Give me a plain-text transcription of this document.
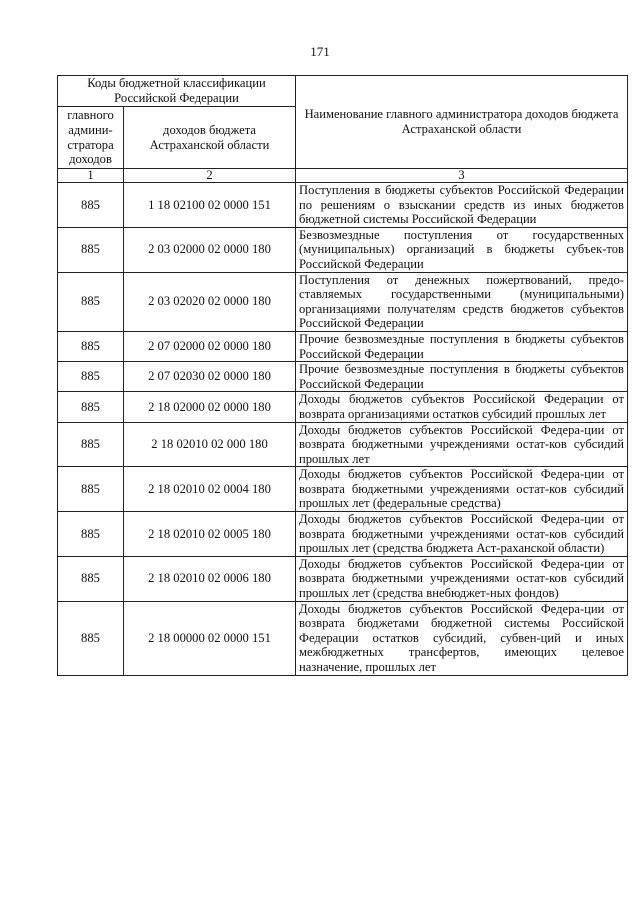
171
Коды бюджетной классификации Российской Федерации		Наименование главного администратора доходов бюджета Астраханской области
главного админи-стратора доходов	доходов бюджета Астраханской области	
1	2	3
885	1 18 02100 02 0000 151	Поступления в бюджеты субъектов Российской Федерации по решениям о взыскании средств из иных бюджетов бюджетной системы Российской Федерации
885	2 03 02000 02 0000 180	Безвозмездные поступления от государственных (муниципальных) организаций в бюджеты субъек-тов Российской Федерации
885	2 03 02020 02 0000 180	Поступления от денежных пожертвований, предо-ставляемых государственными (муниципальными) организациями получателям средств бюджетов субъектов Российской Федерации
885	2 07 02000 02 0000 180	Прочие безвозмездные поступления в бюджеты субъектов Российской Федерации
885	2 07 02030 02 0000 180	Прочие безвозмездные поступления в бюджеты субъектов Российской Федерации
885	2 18 02000 02 0000 180	Доходы бюджетов субъектов Российской Федерации от возврата организациями остатков субсидий прошлых лет
885	2 18 02010 02 000 180	Доходы бюджетов субъектов Российской Федера-ции от возврата бюджетными учреждениями остат-ков субсидий прошлых лет
885	2 18 02010 02 0004 180	Доходы бюджетов субъектов Российской Федера-ции от возврата бюджетными учреждениями остат-ков субсидий прошлых лет (федеральные средства)
885	2 18 02010 02 0005 180	Доходы бюджетов субъектов Российской Федера-ции от возврата бюджетными учреждениями остат-ков субсидий прошлых лет (средства бюджета Аст-раханской области)
885	2 18 02010 02 0006 180	Доходы бюджетов субъектов Российской Федера-ции от возврата бюджетными учреждениями остат-ков субсидий прошлых лет (средства внебюджет-ных фондов)
885	2 18 00000 02 0000 151	Доходы бюджетов субъектов Российской Федера-ции от возврата бюджетами бюджетной системы Российской Федерации остатков субсидий, субвен-ций и иных межбюджетных трансфертов, имеющих целевое назначение, прошлых лет
